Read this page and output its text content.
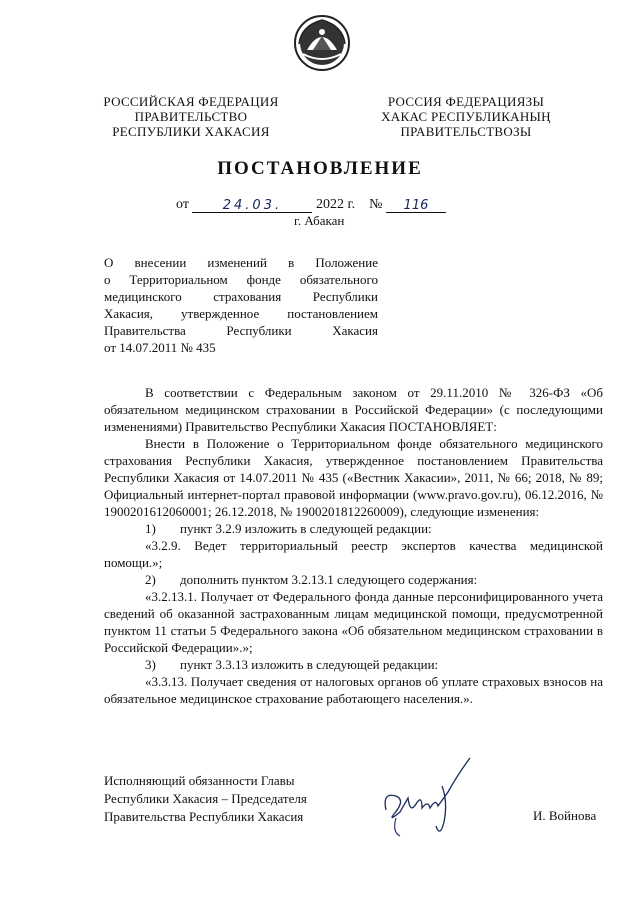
РОССИЙСКАЯ ФЕДЕРАЦИЯ
ПРАВИТЕЛЬСТВО
РЕСПУБЛИКИ ХАКАСИЯ
РОССИЯ ФЕДЕРАЦИЯЗЫ
ХАКАС РЕСПУБЛИКАНЫҢ
ПРАВИТЕЛЬСТВОЗЫ
ПОСТАНОВЛЕНИЕ
от	24.03. 2022 г. № 116
г. Абакан
О внесении изменений в Положение
о Территориальном фонде обязательного
медицинского страхования Республики
Хакасия, утвержденное постановлением
Правительства Республики Хакасия
от 14.07.2011 № 435

В соответствии с Федеральным законом от 29.11.2010 № 326-ФЗ «Об обязательном медицинском страховании в Российской Федерации» (с последующими изменениями) Правительство Республики Хакасия ПОСТАНОВЛЯЕТ:

Внести в Положение о Территориальном фонде обязательного медицинского страхования Республики Хакасия, утвержденное постановлением Правительства Республики Хакасия от 14.07.2011 № 435 («Вестник Хакасии», 2011, № 66; 2018, № 89; Официальный интернет-портал правовой информации (www.pravo.gov.ru), 06.12.2016, № 1900201612060001; 26.12.2018, № 1900201812260009), следующие изменения:

1) пункт 3.2.9 изложить в следующей редакции:

«3.2.9. Ведет территориальный реестр экспертов качества медицинской помощи.»;

2) дополнить пунктом 3.2.13.1 следующего содержания:

«3.2.13.1. Получает от Федерального фонда данные персонифицированного учета сведений об оказанной застрахованным лицам медицинской помощи, предусмотренной пунктом 11 статьи 5 Федерального закона «Об обязательном медицинском страховании в Российской Федерации».»;

3) пункт 3.3.13 изложить в следующей редакции:

«3.3.13. Получает сведения от налоговых органов об уплате страховых взносов на обязательное медицинское страхование работающего населения.».

Исполняющий обязанности Главы
Республики Хакасия – Председателя
Правительства Республики Хакасия	И. Войнова
